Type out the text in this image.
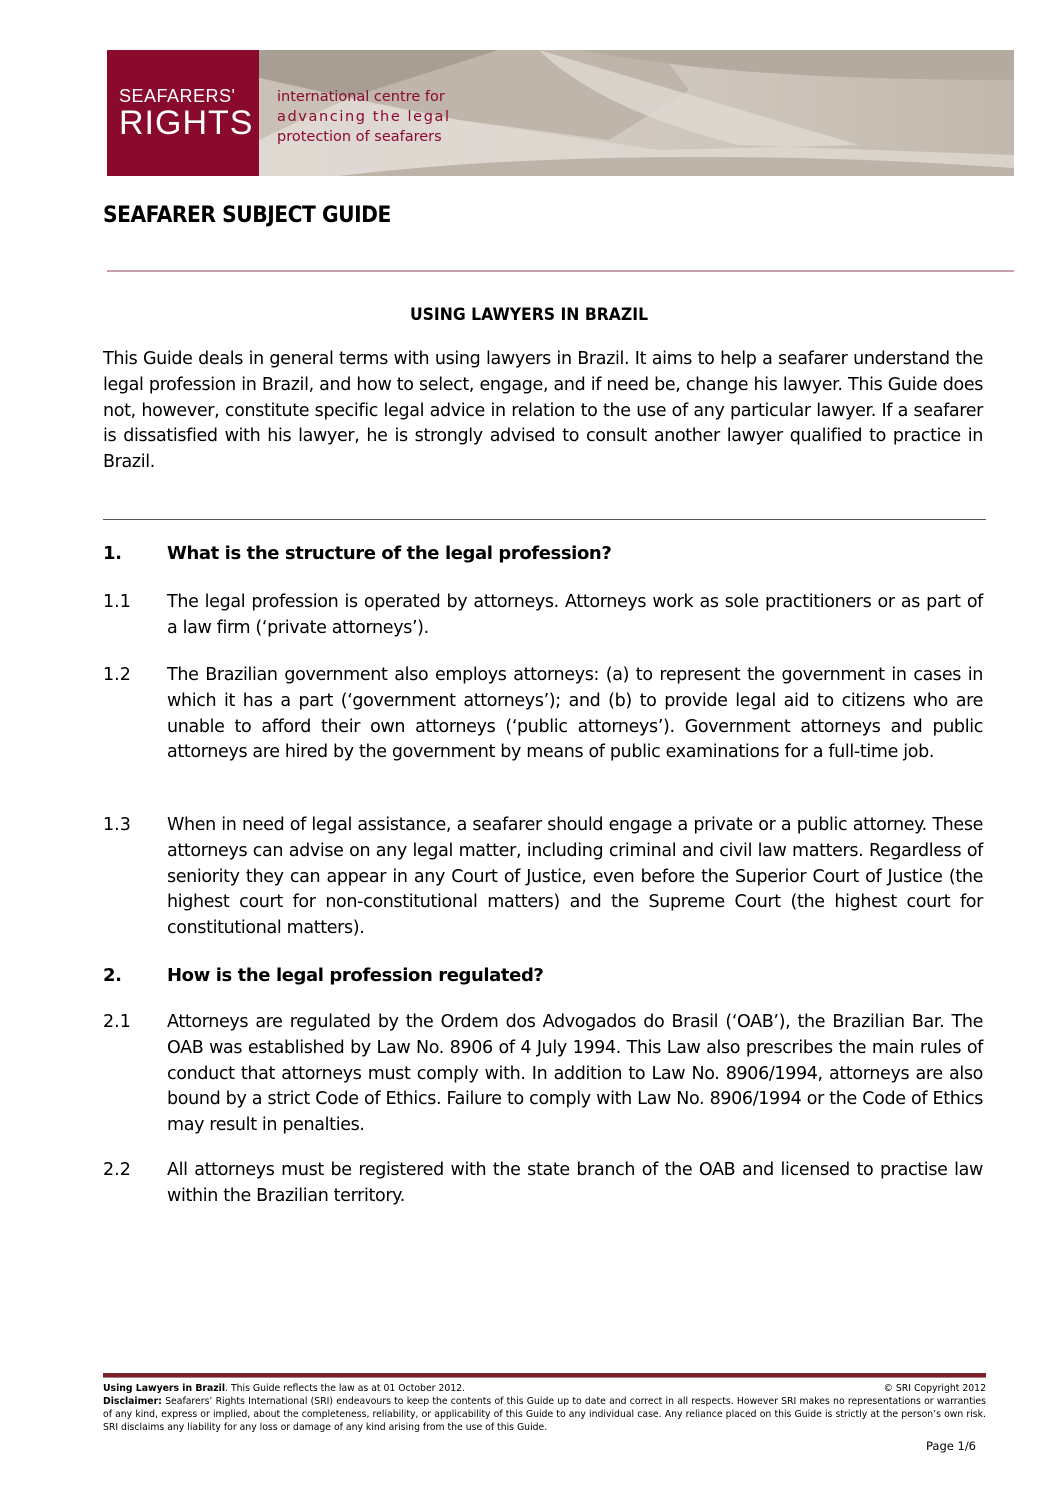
SEAFARERS'
RIGHTS
international centre for
advancing the legal
protection of seafarers
SEAFARER SUBJECT GUIDE
USING LAWYERS IN BRAZIL
This Guide deals in general terms with using lawyers in Brazil. It aims to help a seafarer understand the legal profession in Brazil, and how to select, engage, and if need be, change his lawyer. This Guide does not, however, constitute specific legal advice in relation to the use of any particular lawyer. If a seafarer is dissatisfied with his lawyer, he is strongly advised to consult another lawyer qualified to practice in Brazil.
1.	What is the structure of the legal profession?
1.1	The legal profession is operated by attorneys. Attorneys work as sole practitioners or as part of a law firm (‘private attorneys’).
1.2	The Brazilian government also employs attorneys: (a) to represent the government in cases in which it has a part (‘government attorneys’); and (b) to provide legal aid to citizens who are unable to afford their own attorneys (‘public attorneys’). Government attorneys and public attorneys are hired by the government by means of public examinations for a full-time job.
1.3	When in need of legal assistance, a seafarer should engage a private or a public attorney. These attorneys can advise on any legal matter, including criminal and civil law matters. Regardless of seniority they can appear in any Court of Justice, even before the Superior Court of Justice (the highest court for non-constitutional matters) and the Supreme Court (the highest court for constitutional matters).
2.	How is the legal profession regulated?
2.1	Attorneys are regulated by the Ordem dos Advogados do Brasil (‘OAB’), the Brazilian Bar. The OAB was established by Law No. 8906 of 4 July 1994. This Law also prescribes the main rules of conduct that attorneys must comply with. In addition to Law No. 8906/1994, attorneys are also bound by a strict Code of Ethics. Failure to comply with Law No. 8906/1994 or the Code of Ethics may result in penalties.
2.2	All attorneys must be registered with the state branch of the OAB and licensed to practise law within the Brazilian territory.
Using Lawyers in Brazil. This Guide reflects the law as at 01 October 2012.	© SRI Copyright 2012
Disclaimer: Seafarers’ Rights International (SRI) endeavours to keep the contents of this Guide up to date and correct in all respects. However SRI makes no representations or warranties of any kind, express or implied, about the completeness, reliability, or applicability of this Guide to any individual case. Any reliance placed on this Guide is strictly at the person’s own risk. SRI disclaims any liability for any loss or damage of any kind arising from the use of this Guide.
Page 1/6
